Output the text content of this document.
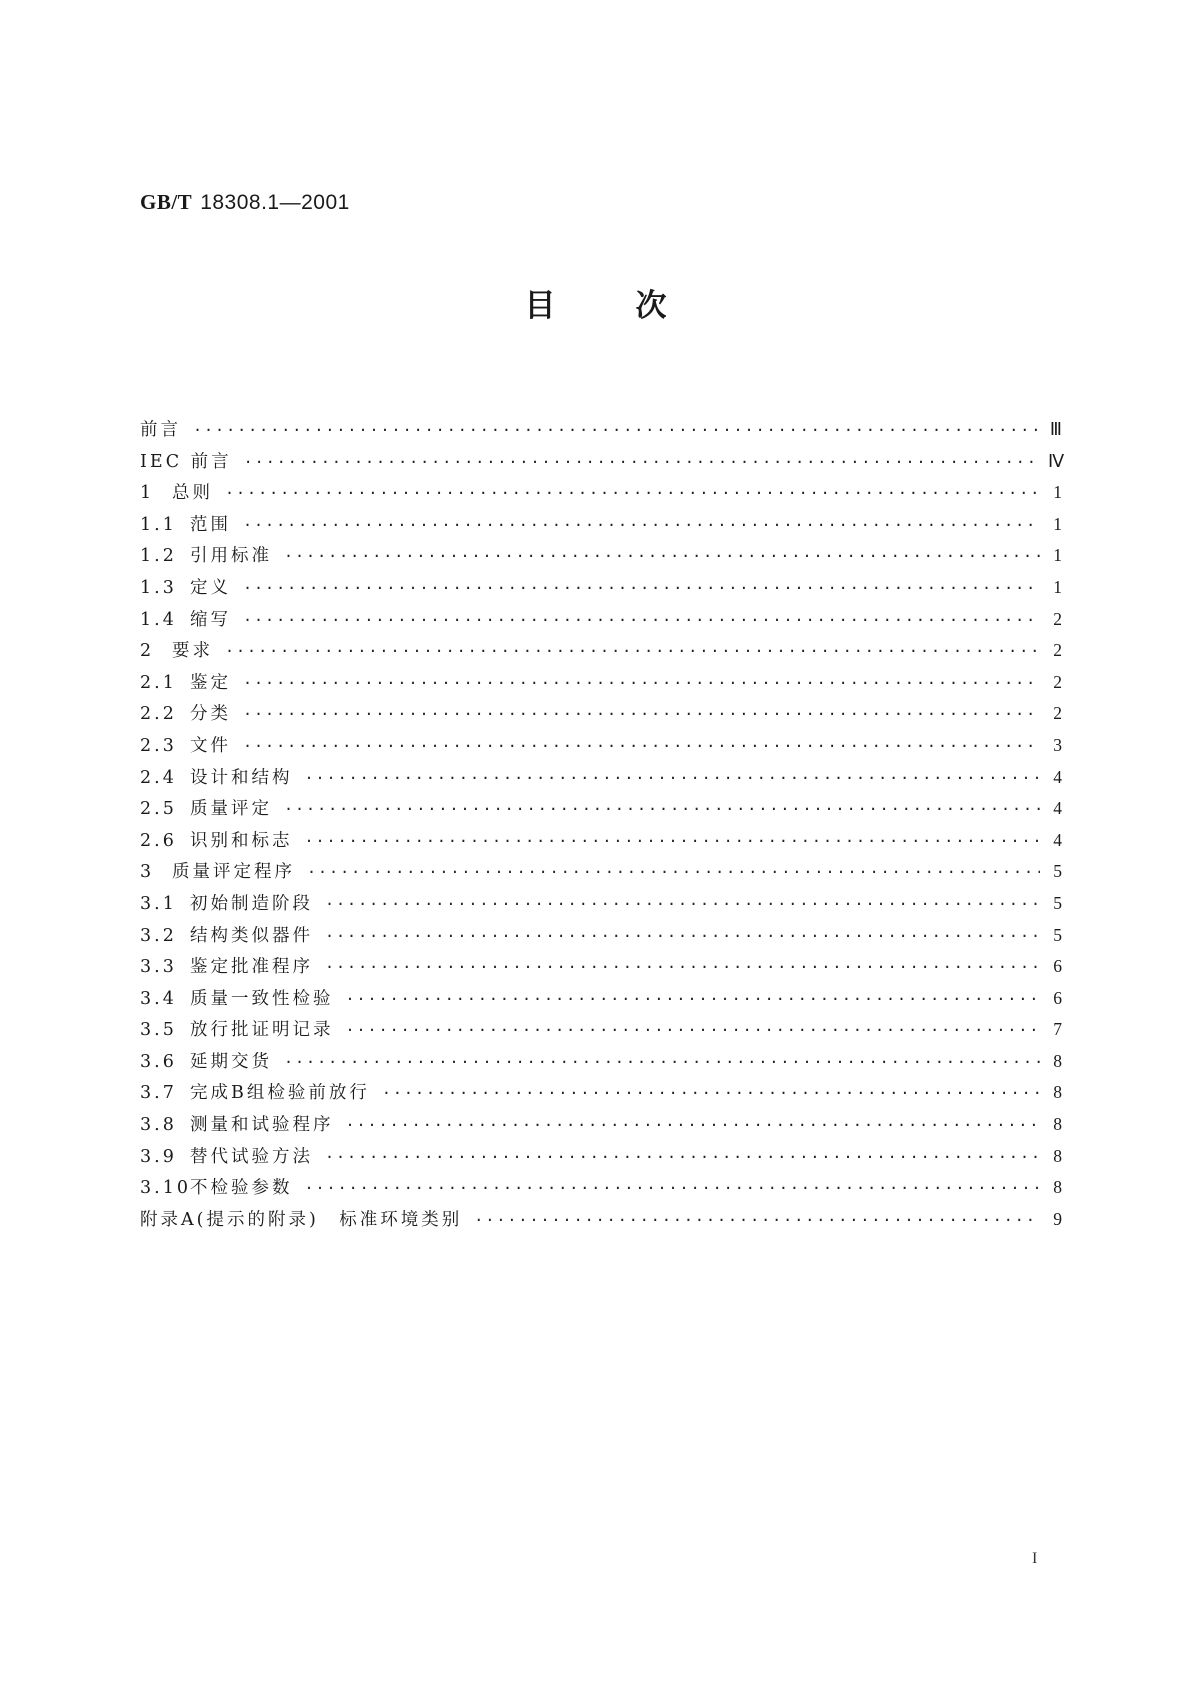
GB/T 18308.1—2001
目次
前言 ·····	Ⅲ
IEC 前言 ·····	Ⅳ
1	总则 ·····	1
1.1 范围 ·····	1
1.2 引用标准 ·····	1
1.3 定义 ·····	1
1.4 缩写 ·····	2
2	要求 ·····	2
2.1 鉴定 ·····	2
2.2 分类 ·····	2
2.3 文件 ·····	3
2.4 设计和结构 ·····	4
2.5 质量评定 ·····	4
2.6 识别和标志 ·····	4
3	质量评定程序 ·····	5
3.1 初始制造阶段 ·····	5
3.2 结构类似器件 ·····	5
3.3 鉴定批准程序 ·····	6
3.4 质量一致性检验 ·····	6
3.5 放行批证明记录 ·····	7
3.6 延期交货 ·····	8
3.7 完成B组检验前放行 ·····	8
3.8 测量和试验程序 ·····	8
3.9 替代试验方法 ·····	8
3.10 不检验参数 ·····	8
附录A(提示的附录)　标准环境类别 ·····	9
I
